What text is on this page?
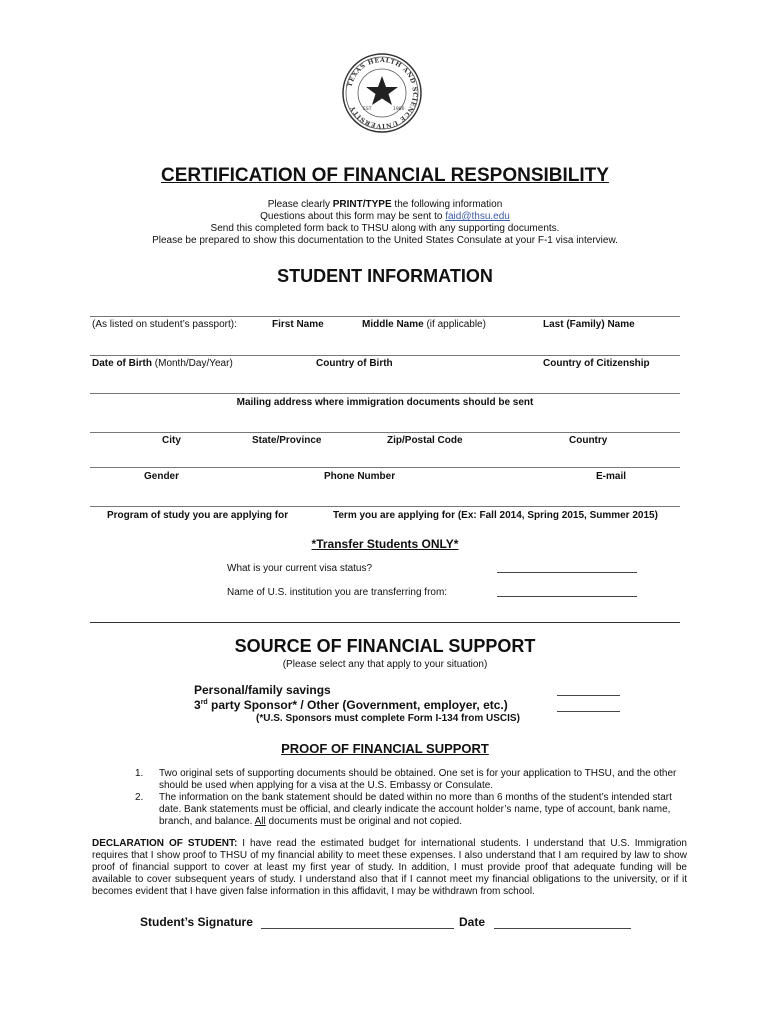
TEXAS HEALTH AND SCIENCE UNIVERSITY	EST	1980
CERTIFICATION OF FINANCIAL RESPONSIBILITY
Please clearly PRINT/TYPE the following information
Questions about this form may be sent to faid@thsu.edu
Send this completed form back to THSU along with any supporting documents.
Please be prepared to show this documentation to the United States Consulate at your F-1 visa interview.
STUDENT INFORMATION
(As listed on student’s passport):	First Name	Middle Name (if applicable)	Last (Family) Name
Date of Birth (Month/Day/Year)	Country of Birth	Country of Citizenship
Mailing address where immigration documents should be sent
City	State/Province	Zip/Postal Code	Country
Gender	Phone Number	E-mail
Program of study you are applying for	Term you are applying for (Ex: Fall 2014, Spring 2015, Summer 2015)
*Transfer Students ONLY*
What is your current visa status?
Name of U.S. institution you are transferring from:
SOURCE OF FINANCIAL SUPPORT
(Please select any that apply to your situation)
Personal/family savings
3rd party Sponsor* / Other (Government, employer, etc.)
(*U.S. Sponsors must complete Form I-134 from USCIS)
PROOF OF FINANCIAL SUPPORT
1.	Two original sets of supporting documents should be obtained. One set is for your application to THSU, and the other should be used when applying for a visa at the U.S. Embassy or Consulate.
2.	The information on the bank statement should be dated within no more than 6 months of the student’s intended start date. Bank statements must be official, and clearly indicate the account holder’s name, type of account, bank name, branch, and balance. All documents must be original and not copied.
DECLARATION OF STUDENT: I have read the estimated budget for international students. I understand that U.S. Immigration requires that I show proof to THSU of my financial ability to meet these expenses. I also understand that I am required by law to show proof of financial support to cover at least my first year of study. In addition, I must provide proof that adequate funding will be available to cover subsequent years of study. I understand also that if I cannot meet my financial obligations to the university, or if it becomes evident that I have given false information in this affidavit, I may be withdrawn from school.
Student’s Signature	Date
